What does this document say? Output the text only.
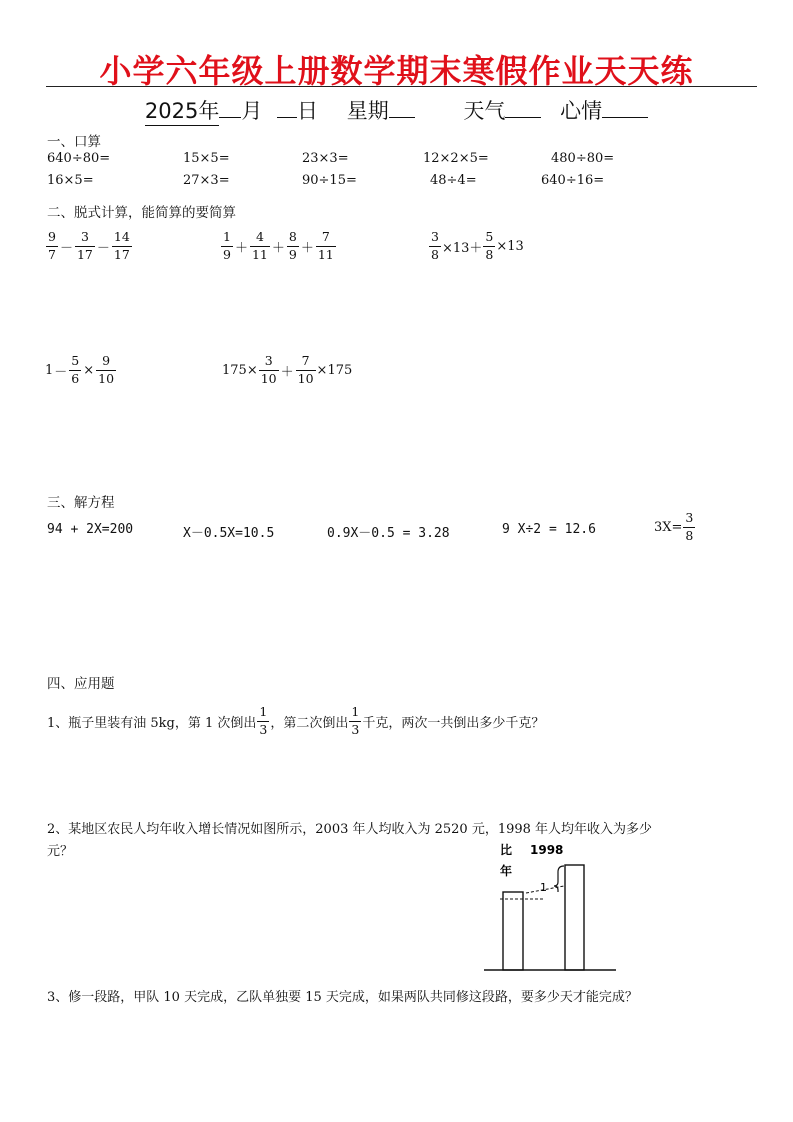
小学六年级上册数学期末寒假作业天天练
2025年 月 日 星期	天气	心情
一、口算
640÷80=	15×5=	23×3=	12×2×5=	480÷80=
16×5=	27×3=	90÷15=	48÷4=	640÷16=
二、脱式计算，能简算的要简算
$\frac{9}{7} - \frac{3}{17} - \frac{14}{17}$	$\frac{1}{9} + \frac{4}{11} + \frac{8}{9} + \frac{7}{11}$	$\frac{3}{8} \times 13+ \frac{5}{8} \times 13$
$1 - \frac{5}{6} \times \frac{9}{10}$	$175\times \frac{3}{10} + \frac{7}{10} \times 175$
三、解方程
94 + 2X=200	X－0.5X=10.5	0.9X－0.5 = 3.28	9 X÷2 = 12.6	$3X= \frac{3}{8}$
四、应用题
1、瓶子里装有油 5kg，第 1 次倒出 $\frac{1}{3}$ ，第二次倒出 $\frac{1}{3}$ 千克，两次一共倒出多少千克？
2、某地区农民人均年收入增长情况如图所示，2003 年人均收入为 2520 元，1998 年人均年收入为多少
元？	比 1998
年
1
3、修一段路，甲队 10 天完成，乙队单独要 15 天完成，如果两队共同修这段路，要多少天才能完成？
